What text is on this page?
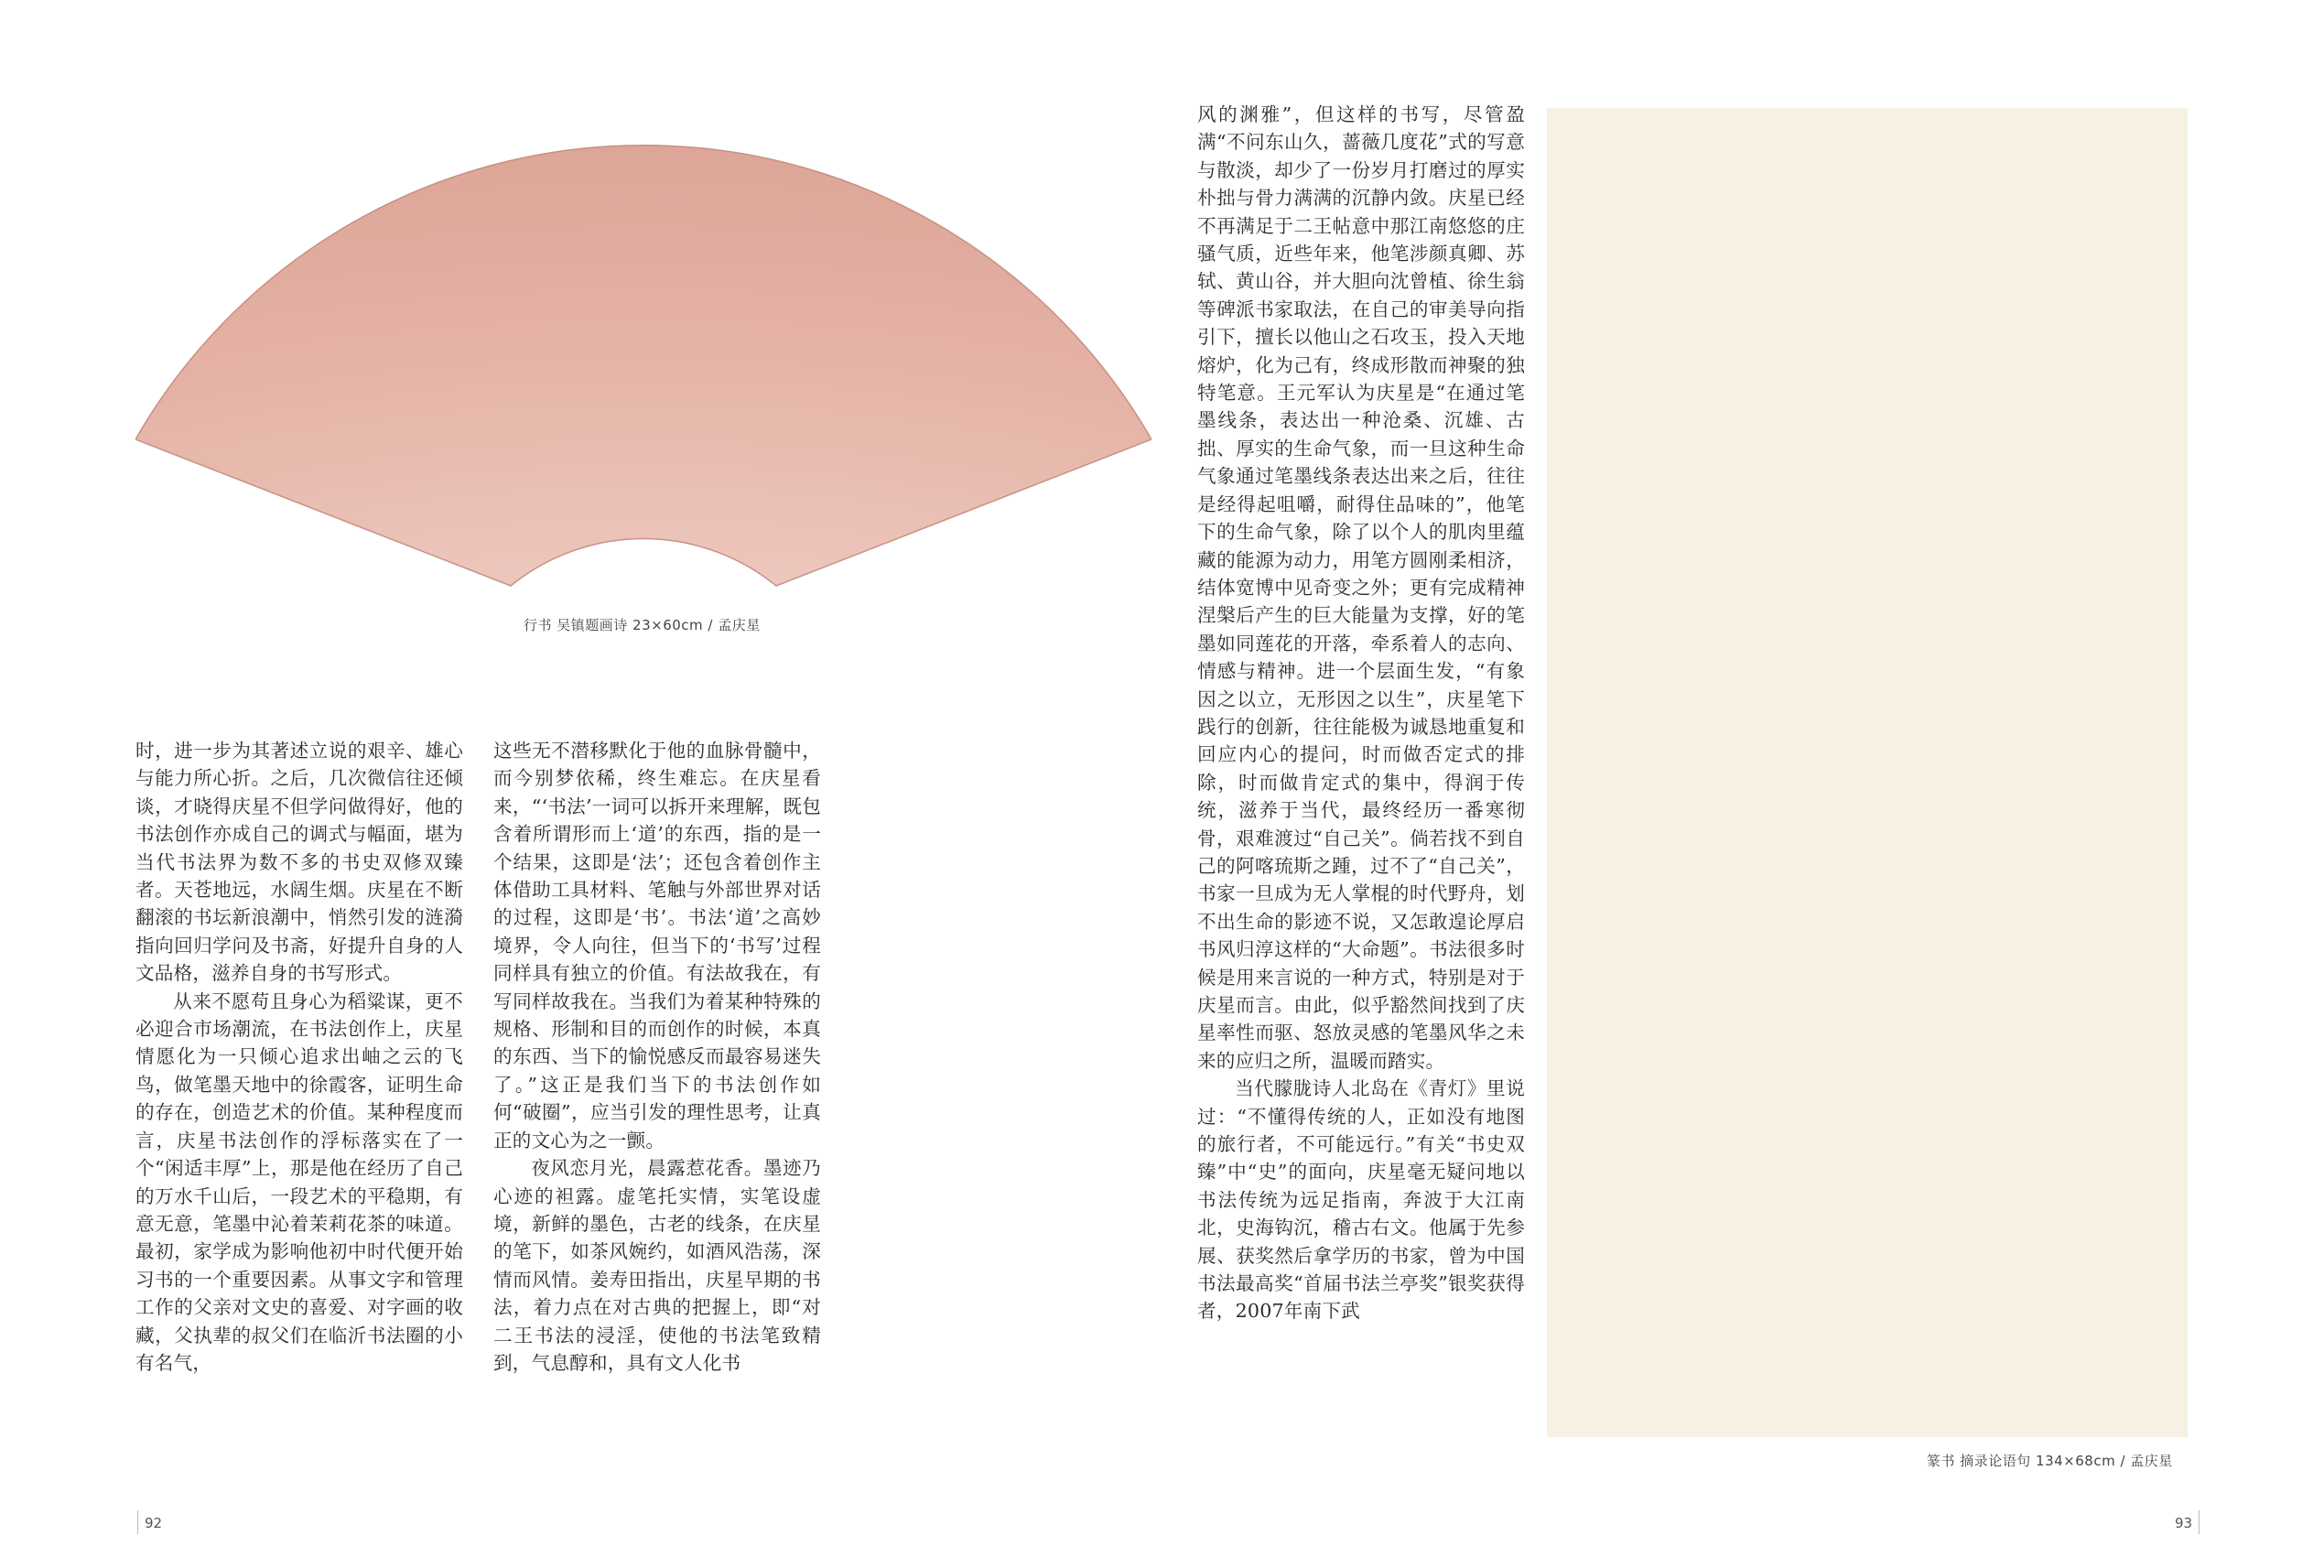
行书 吴镇题画诗 23×60cm / 孟庆星

时，进一步为其著述立说的艰辛、雄心与能力所心折。之后，几次微信往还倾谈，才晓得庆星不但学问做得好，他的书法创作亦成自己的调式与幅面，堪为当代书法界为数不多的书史双修双臻者。天苍地远，水阔生烟。庆星在不断翻滚的书坛新浪潮中，悄然引发的涟漪指向回归学问及书斋，好提升自身的人文品格，滋养自身的书写形式。

从来不愿苟且身心为稻粱谋，更不必迎合市场潮流，在书法创作上，庆星情愿化为一只倾心追求出岫之云的飞鸟，做笔墨天地中的徐霞客，证明生命的存在，创造艺术的价值。某种程度而言，庆星书法创作的浮标落实在了一个“闲适丰厚”上，那是他在经历了自己的万水千山后，一段艺术的平稳期，有意无意，笔墨中沁着茉莉花茶的味道。最初，家学成为影响他初中时代便开始习书的一个重要因素。从事文字和管理工作的父亲对文史的喜爱、对字画的收藏，父执辈的叔父们在临沂书法圈的小有名气，

这些无不潜移默化于他的血脉骨髓中，而今别梦依稀，终生难忘。在庆星看来，“‘书法’一词可以拆开来理解，既包含着所谓形而上‘道’的东西，指的是一个结果，这即是‘法’；还包含着创作主体借助工具材料、笔触与外部世界对话的过程，这即是‘书’。书法‘道’之高妙境界，令人向往，但当下的‘书写’过程同样具有独立的价值。有法故我在，有写同样故我在。当我们为着某种特殊的规格、形制和目的而创作的时候，本真的东西、当下的愉悦感反而最容易迷失了。”这正是我们当下的书法创作如何“破圈”，应当引发的理性思考，让真正的文心为之一颤。

夜风恋月光，晨露惹花香。墨迹乃心迹的袒露。虚笔托实情，实笔设虚境，新鲜的墨色，古老的线条，在庆星的笔下，如茶风婉约，如酒风浩荡，深情而风情。姜寿田指出，庆星早期的书法，着力点在对古典的把握上，即“对二王书法的浸淫，使他的书法笔致精到，气息醇和，具有文人化书

92

风的渊雅”，但这样的书写，尽管盈满“不问东山久，蔷薇几度花”式的写意与散淡，却少了一份岁月打磨过的厚实朴拙与骨力满满的沉静内敛。庆星已经不再满足于二王帖意中那江南悠悠的庄骚气质，近些年来，他笔涉颜真卿、苏轼、黄山谷，并大胆向沈曾植、徐生翁等碑派书家取法，在自己的审美导向指引下，擅长以他山之石攻玉，投入天地熔炉，化为己有，终成形散而神聚的独特笔意。王元军认为庆星是“在通过笔墨线条，表达出一种沧桑、沉雄、古拙、厚实的生命气象，而一旦这种生命气象通过笔墨线条表达出来之后，往往是经得起咀嚼，耐得住品味的”，他笔下的生命气象，除了以个人的肌肉里蕴藏的能源为动力，用笔方圆刚柔相济，结体宽博中见奇变之外；更有完成精神涅槃后产生的巨大能量为支撑，好的笔墨如同莲花的开落，牵系着人的志向、情感与精神。进一个层面生发，“有象因之以立，无形因之以生”，庆星笔下践行的创新，往往能极为诚恳地重复和回应内心的提问，时而做否定式的排除，时而做肯定式的集中，得润于传统，滋养于当代，最终经历一番寒彻骨，艰难渡过“自己关”。倘若找不到自己的阿喀琉斯之踵，过不了“自己关”，书家一旦成为无人掌棍的时代野舟，划不出生命的影迹不说，又怎敢遑论厚启书风归淳这样的“大命题”。书法很多时候是用来言说的一种方式，特别是对于庆星而言。由此，似乎豁然间找到了庆星率性而驱、怒放灵感的笔墨风华之未来的应归之所，温暖而踏实。

当代朦胧诗人北岛在《青灯》里说过：“不懂得传统的人，正如没有地图的旅行者，不可能远行。”有关“书史双臻”中“史”的面向，庆星毫无疑问地以书法传统为远足指南，奔波于大江南北，史海钩沉，稽古右文。他属于先参展、获奖然后拿学历的书家，曾为中国书法最高奖“首届书法兰亭奖”银奖获得者，2007年南下武

篆书 摘录论语句 134×68cm / 孟庆星
93
